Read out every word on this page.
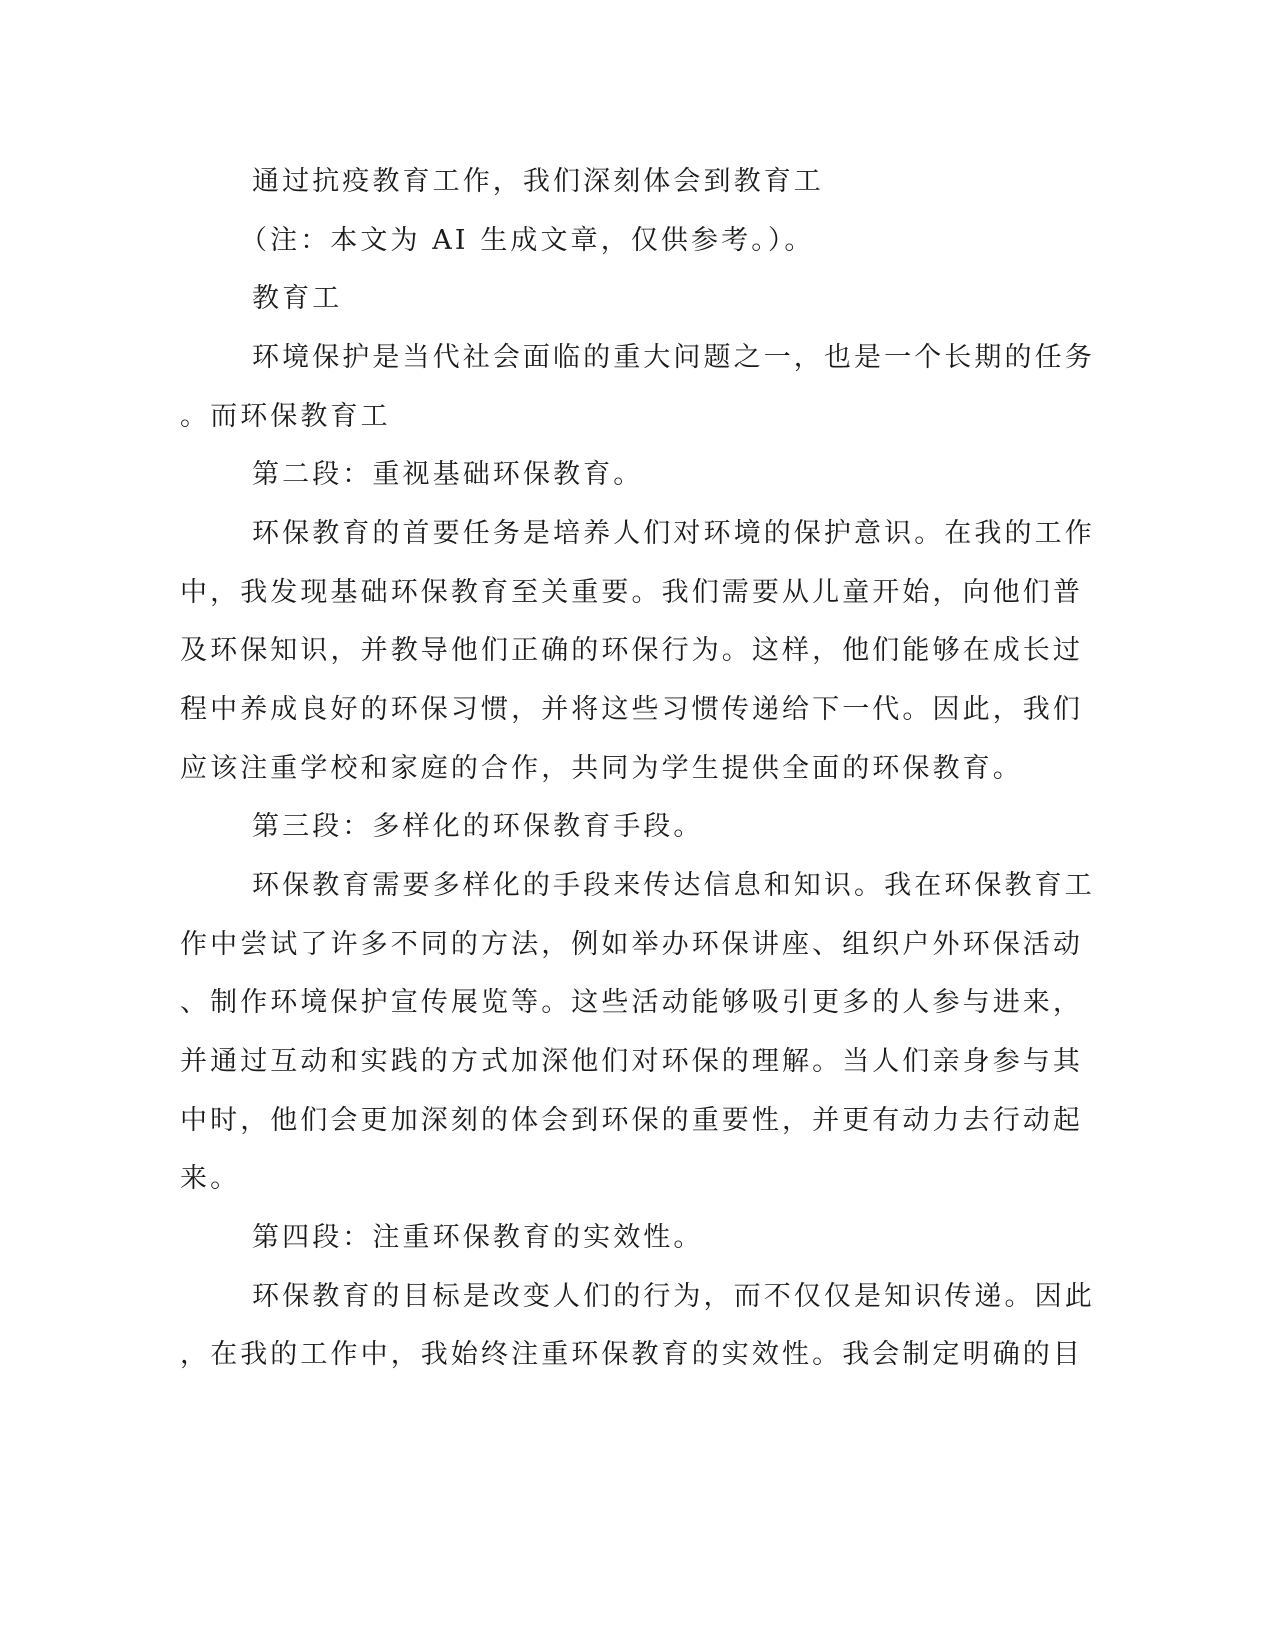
通过抗疫教育工作，我们深刻体会到教育工
（注：本文为 AI 生成文章，仅供参考。）。
教育工
环境保护是当代社会面临的重大问题之一，也是一个长期的任务
。而环保教育工
第二段：重视基础环保教育。
环保教育的首要任务是培养人们对环境的保护意识。在我的工作
中，我发现基础环保教育至关重要。我们需要从儿童开始，向他们普
及环保知识，并教导他们正确的环保行为。这样，他们能够在成长过
程中养成良好的环保习惯，并将这些习惯传递给下一代。因此，我们
应该注重学校和家庭的合作，共同为学生提供全面的环保教育。
第三段：多样化的环保教育手段。
环保教育需要多样化的手段来传达信息和知识。我在环保教育工
作中尝试了许多不同的方法，例如举办环保讲座、组织户外环保活动
、制作环境保护宣传展览等。这些活动能够吸引更多的人参与进来，
并通过互动和实践的方式加深他们对环保的理解。当人们亲身参与其
中时，他们会更加深刻的体会到环保的重要性，并更有动力去行动起
来。
第四段：注重环保教育的实效性。
环保教育的目标是改变人们的行为，而不仅仅是知识传递。因此
，在我的工作中，我始终注重环保教育的实效性。我会制定明确的目
